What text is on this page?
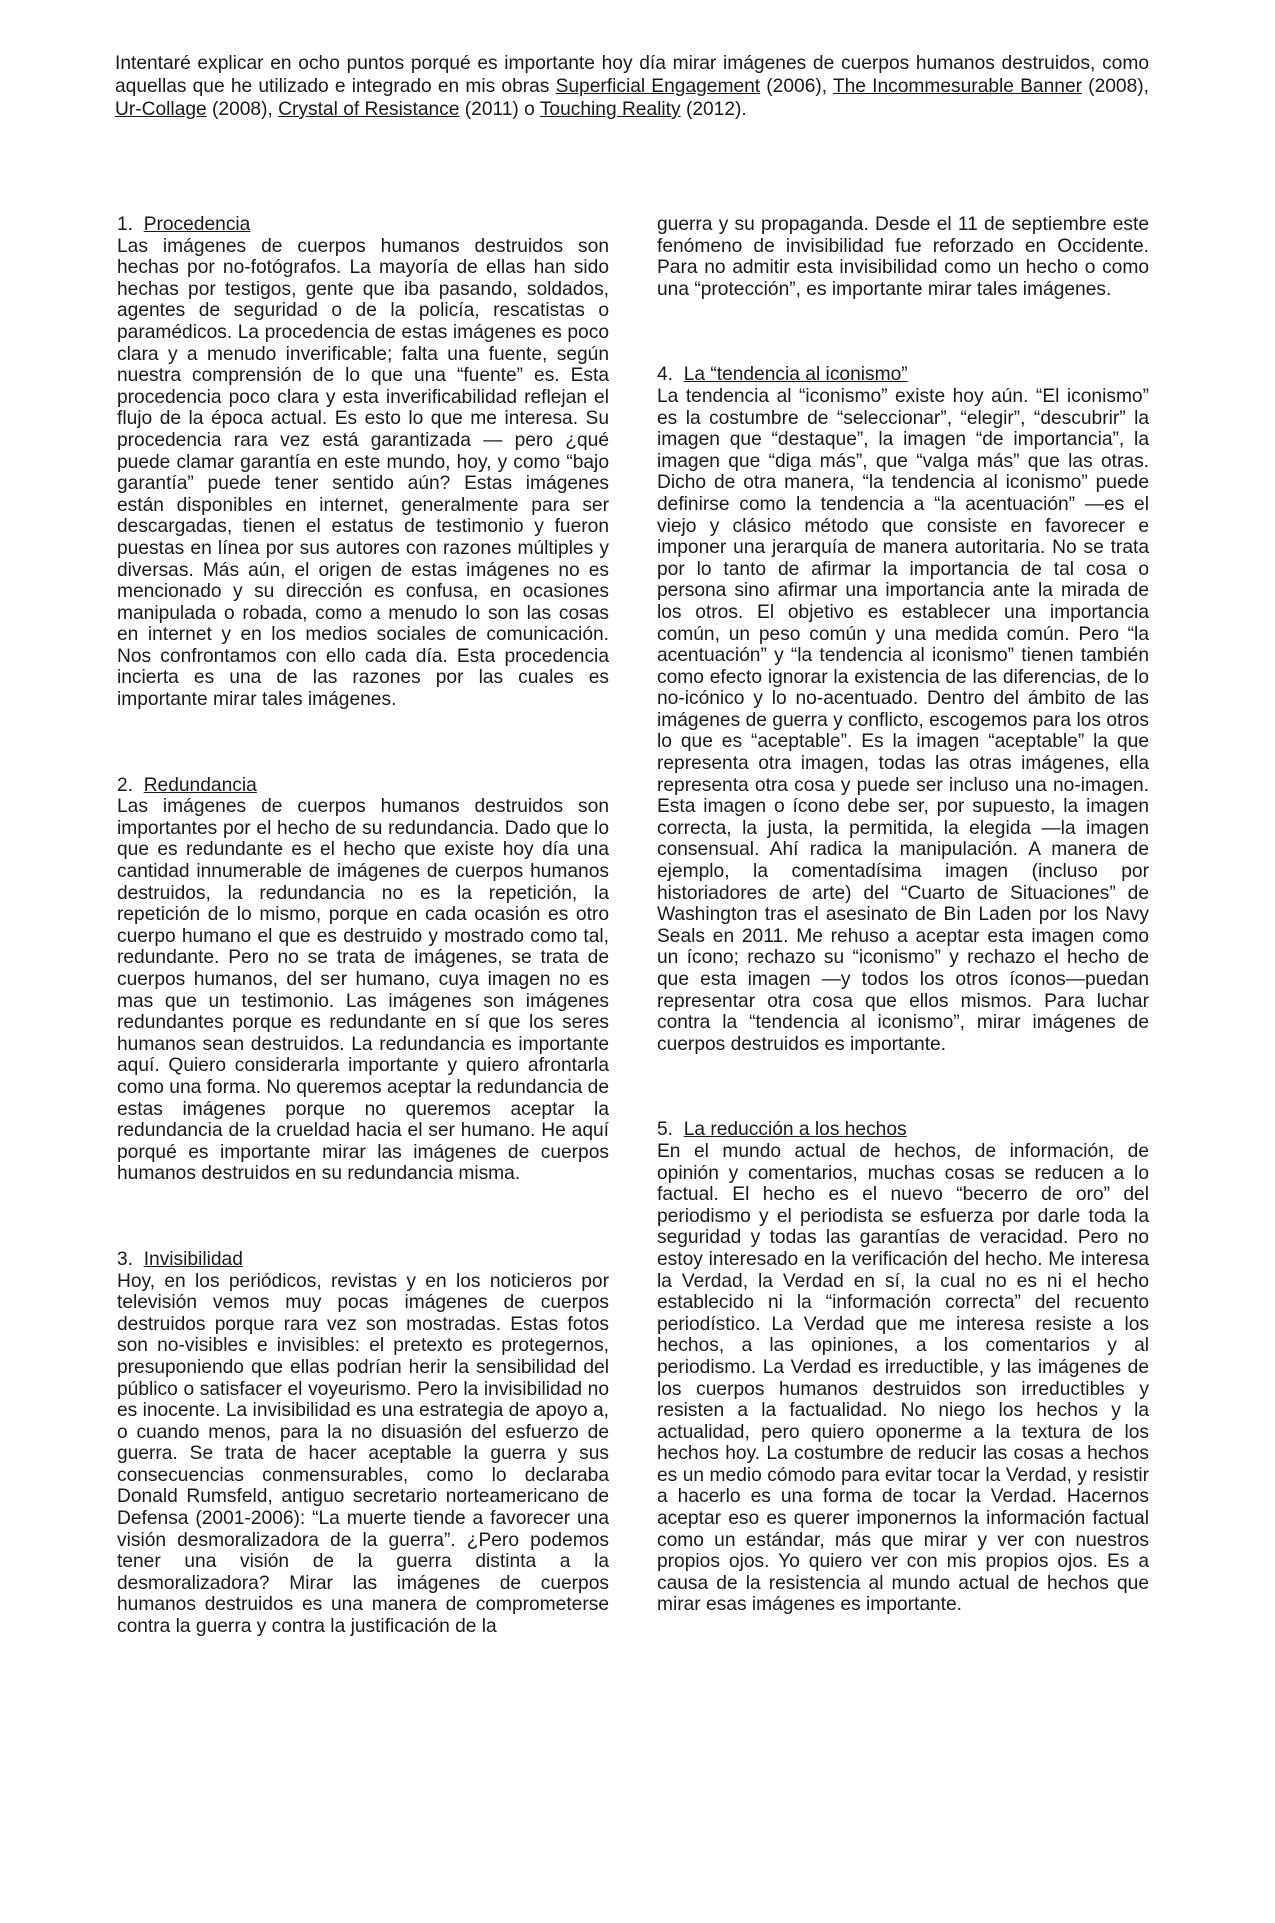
Intentaré explicar en ocho puntos porqué es importante hoy día mirar imágenes de cuerpos humanos destruidos, como aquellas que he utilizado e integrado en mis obras Superficial Engagement (2006), The Incommesurable Banner (2008), Ur-Collage (2008), Crystal of Resistance (2011) o Touching Reality (2012).
1. Procedencia

Las imágenes de cuerpos humanos destruidos son hechas por no-fotógrafos. La mayoría de ellas han sido hechas por testigos, gente que iba pasando, soldados, agentes de seguridad o de la policía, rescatistas o paramédicos. La procedencia de estas imágenes es poco clara y a menudo inverificable; falta una fuente, según nuestra comprensión de lo que una “fuente” es. Esta procedencia poco clara y esta inverificabilidad reflejan el flujo de la época actual. Es esto lo que me interesa. Su procedencia rara vez está garantizada — pero ¿qué puede clamar garantía en este mundo, hoy, y como “bajo garantía” puede tener sentido aún? Estas imágenes están disponibles en internet, generalmente para ser descargadas, tienen el estatus de testimonio y fueron puestas en línea por sus autores con razones múltiples y diversas. Más aún, el origen de estas imágenes no es mencionado y su dirección es confusa, en ocasiones manipulada o robada, como a menudo lo son las cosas en internet y en los medios sociales de comunicación. Nos confrontamos con ello cada día. Esta procedencia incierta es una de las razones por las cuales es importante mirar tales imágenes.

2. Redundancia

Las imágenes de cuerpos humanos destruidos son importantes por el hecho de su redundancia. Dado que lo que es redundante es el hecho que existe hoy día una cantidad innumerable de imágenes de cuerpos humanos destruidos, la redundancia no es la repetición, la repetición de lo mismo, porque en cada ocasión es otro cuerpo humano el que es destruido y mostrado como tal, redundante. Pero no se trata de imágenes, se trata de cuerpos humanos, del ser humano, cuya imagen no es mas que un testimonio. Las imágenes son imágenes redundantes porque es redundante en sí que los seres humanos sean destruidos. La redundancia es importante aquí. Quiero considerarla importante y quiero afrontarla como una forma. No queremos aceptar la redundancia de estas imágenes porque no queremos aceptar la redundancia de la crueldad hacia el ser humano. He aquí porqué es importante mirar las imágenes de cuerpos humanos destruidos en su redundancia misma.

3. Invisibilidad

Hoy, en los periódicos, revistas y en los noticieros por televisión vemos muy pocas imágenes de cuerpos destruidos porque rara vez son mostradas. Estas fotos son no-visibles e invisibles: el pretexto es protegernos, presuponiendo que ellas podrían herir la sensibilidad del público o satisfacer el voyeurismo. Pero la invisibilidad no es inocente. La invisibilidad es una estrategia de apoyo a, o cuando menos, para la no disuasión del esfuerzo de guerra. Se trata de hacer aceptable la guerra y sus consecuencias conmensurables, como lo declaraba Donald Rumsfeld, antiguo secretario norteamericano de Defensa (2001-2006): “La muerte tiende a favorecer una visión desmoralizadora de la guerra”. ¿Pero podemos tener una visión de la guerra distinta a la desmoralizadora? Mirar las imágenes de cuerpos humanos destruidos es una manera de comprometerse contra la guerra y contra la justificación de la

guerra y su propaganda. Desde el 11 de septiembre este fenómeno de invisibilidad fue reforzado en Occidente. Para no admitir esta invisibilidad como un hecho o como una “protección”, es importante mirar tales imágenes.

4. La “tendencia al iconismo”

La tendencia al “iconismo” existe hoy aún. “El iconismo” es la costumbre de “seleccionar”, “elegir”, “descubrir” la imagen que “destaque”, la imagen “de importancia”, la imagen que “diga más”, que “valga más” que las otras. Dicho de otra manera, “la tendencia al iconismo” puede definirse como la tendencia a “la acentuación” —es el viejo y clásico método que consiste en favorecer e imponer una jerarquía de manera autoritaria. No se trata por lo tanto de afirmar la importancia de tal cosa o persona sino afirmar una importancia ante la mirada de los otros. El objetivo es establecer una importancia común, un peso común y una medida común. Pero “la acentuación” y “la tendencia al iconismo” tienen también como efecto ignorar la existencia de las diferencias, de lo no-icónico y lo no-acentuado. Dentro del ámbito de las imágenes de guerra y conflicto, escogemos para los otros lo que es “aceptable”. Es la imagen “aceptable” la que representa otra imagen, todas las otras imágenes, ella representa otra cosa y puede ser incluso una no-imagen. Esta imagen o ícono debe ser, por supuesto, la imagen correcta, la justa, la permitida, la elegida —la imagen consensual. Ahí radica la manipulación. A manera de ejemplo, la comentadísima imagen (incluso por historiadores de arte) del “Cuarto de Situaciones” de Washington tras el asesinato de Bin Laden por los Navy Seals en 2011. Me rehuso a aceptar esta imagen como un ícono; rechazo su “iconismo” y rechazo el hecho de que esta imagen —y todos los otros íconos—puedan representar otra cosa que ellos mismos. Para luchar contra la “tendencia al iconismo”, mirar imágenes de cuerpos destruidos es importante.

5. La reducción a los hechos

En el mundo actual de hechos, de información, de opinión y comentarios, muchas cosas se reducen a lo factual. El hecho es el nuevo “becerro de oro” del periodismo y el periodista se esfuerza por darle toda la seguridad y todas las garantías de veracidad. Pero no estoy interesado en la verificación del hecho. Me interesa la Verdad, la Verdad en sí, la cual no es ni el hecho establecido ni la “información correcta” del recuento periodístico. La Verdad que me interesa resiste a los hechos, a las opiniones, a los comentarios y al periodismo. La Verdad es irreductible, y las imágenes de los cuerpos humanos destruidos son irreductibles y resisten a la factualidad. No niego los hechos y la actualidad, pero quiero oponerme a la textura de los hechos hoy. La costumbre de reducir las cosas a hechos es un medio cómodo para evitar tocar la Verdad, y resistir a hacerlo es una forma de tocar la Verdad. Hacernos aceptar eso es querer imponernos la información factual como un estándar, más que mirar y ver con nuestros propios ojos. Yo quiero ver con mis propios ojos. Es a causa de la resistencia al mundo actual de hechos que mirar esas imágenes es importante.
